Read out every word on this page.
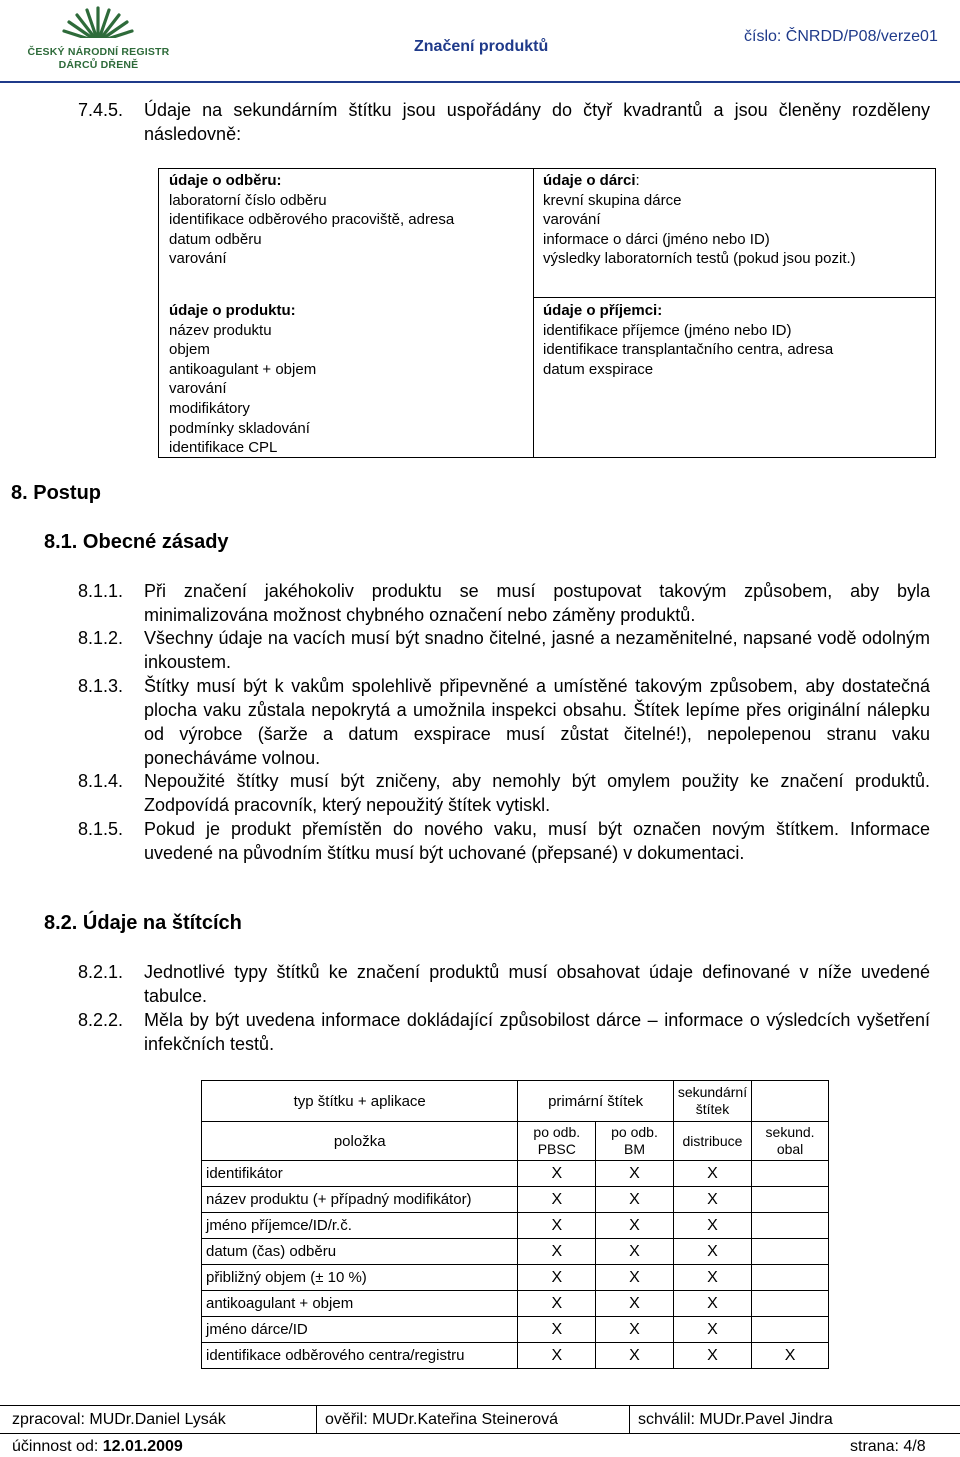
ČESKÝ NÁRODNÍ REGISTR
DÁRCŮ DŘENĚ
Značení produktů
číslo: ČNRDD/P08/verze01
7.4.5. Údaje na sekundárním štítku jsou uspořádány do čtyř kvadrantů a jsou členěny rozděleny následovně:
údaje o odběru:
laboratorní číslo odběru
identifikace odběrového pracoviště, adresa
datum odběru
varování
údaje o dárci:
krevní skupina dárce
varování
informace o dárci (jméno nebo ID)
výsledky laboratorních testů (pokud jsou pozit.)
údaje o produktu:
název produktu
objem
antikoagulant + objem
varování
modifikátory
podmínky skladování
identifikace CPL
údaje o příjemci:
identifikace příjemce (jméno nebo ID)
identifikace transplantačního centra, adresa
datum exspirace
8. Postup
8.1. Obecné zásady
8.1.1. Při značení jakéhokoliv produktu se musí postupovat takovým způsobem, aby byla minimalizována možnost chybného označení nebo záměny produktů.
8.1.2. Všechny údaje na vacích musí být snadno čitelné, jasné a nezaměnitelné, napsané vodě odolným inkoustem.
8.1.3. Štítky musí být k vakům spolehlivě připevněné a umístěné takovým způsobem, aby dostatečná plocha vaku zůstala nepokrytá a umožnila inspekci obsahu. Štítek lepíme přes originální nálepku od výrobce (šarže a datum exspirace musí zůstat čitelné!), nepolepenou stranu vaku ponecháváme volnou.
8.1.4. Nepoužité štítky musí být zničeny, aby nemohly být omylem použity ke značení produktů. Zodpovídá pracovník, který nepoužitý štítek vytiskl.
8.1.5. Pokud je produkt přemístěn do nového vaku, musí být označen novým štítkem. Informace uvedené na původním štítku musí být uchované (přepsané) v dokumentaci.
8.2. Údaje na štítcích
8.2.1. Jednotlivé typy štítků ke značení produktů musí obsahovat údaje definované v níže uvedené tabulce.
8.2.2. Měla by být uvedena informace dokládající způsobilost dárce – informace o výsledcích vyšetření infekčních testů.
typ štítku + aplikace	primární štítek		sekundární štítek	
položka	po odb. PBSC	po odb. BM	distribuce	sekund. obal
identifikátor	X	X	X	
název produktu (+ případný modifikátor)	X	X	X	
jméno příjemce/ID/r.č.	X	X	X	
datum (čas) odběru	X	X	X	
přibližný objem (± 10 %)	X	X	X	
antikoagulant + objem	X	X	X	
jméno dárce/ID	X	X	X	
identifikace odběrového centra/registru	X	X	X	X
zpracoval: MUDr.Daniel Lysák	ověřil: MUDr.Kateřina Steinerová	schválil: MUDr.Pavel Jindra
účinnost od: 12.01.2009	strana: 4/8
